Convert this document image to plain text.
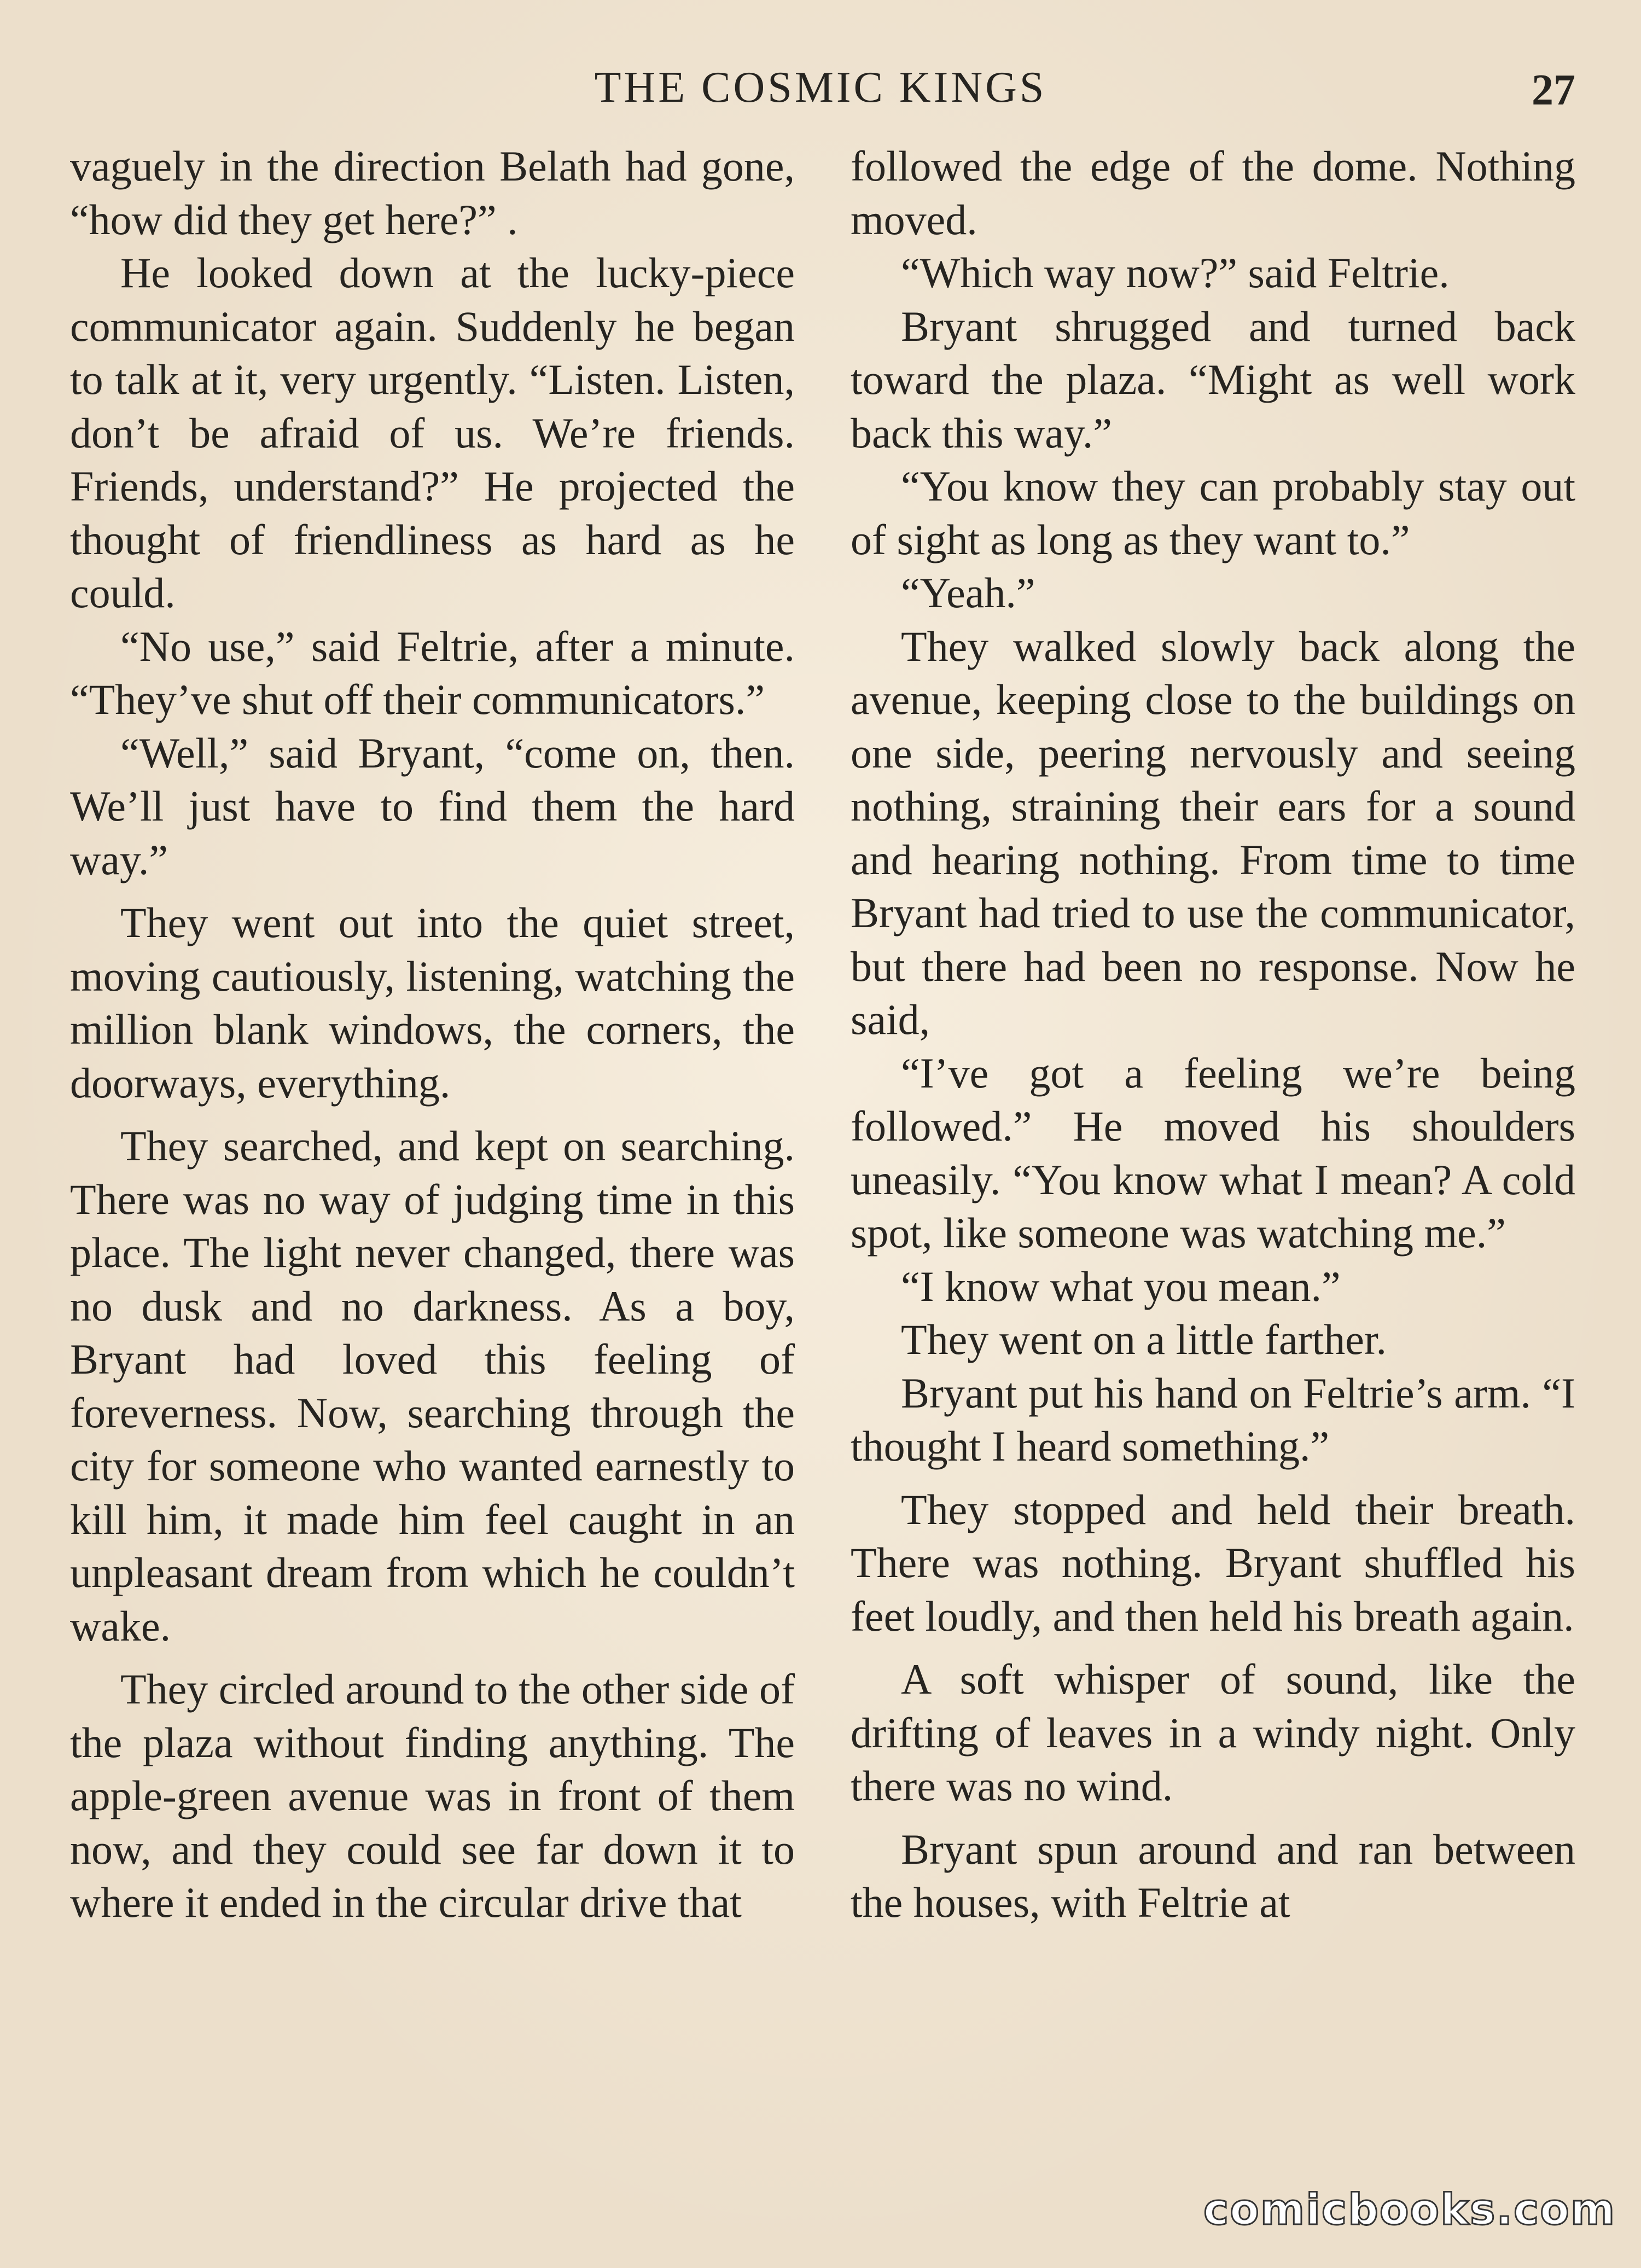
THE COSMIC KINGS	27

vaguely in the direction Belath had gone, “how did they get here?” .

He looked down at the lucky-piece communicator again. Suddenly he began to talk at it, very urgently. “Listen. Listen, don’t be afraid of us. We’re friends. Friends, understand?” He projected the thought of friendliness as hard as he could.

“No use,” said Feltrie, after a minute. “They’ve shut off their communicators.”

“Well,” said Bryant, “come on, then. We’ll just have to find them the hard way.”

They went out into the quiet street, moving cautiously, listening, watching the million blank windows, the corners, the doorways, everything.

They searched, and kept on searching. There was no way of judging time in this place. The light never changed, there was no dusk and no darkness. As a boy, Bryant had loved this feeling of foreverness. Now, searching through the city for someone who wanted earnestly to kill him, it made him feel caught in an unpleasant dream from which he couldn’t wake.

They circled around to the other side of the plaza without finding anything. The apple-green avenue was in front of them now, and they could see far down it to where it ended in the circular drive that

followed the edge of the dome. Nothing moved.

“Which way now?” said Feltrie.

Bryant shrugged and turned back toward the plaza. “Might as well work back this way.”

“You know they can probably stay out of sight as long as they want to.”

“Yeah.”

They walked slowly back along the avenue, keeping close to the buildings on one side, peering nervously and seeing nothing, straining their ears for a sound and hearing nothing. From time to time Bryant had tried to use the communicator, but there had been no response. Now he said,

“I’ve got a feeling we’re being followed.” He moved his shoulders uneasily. “You know what I mean? A cold spot, like someone was watching me.”

“I know what you mean.”

They went on a little farther.

Bryant put his hand on Feltrie’s arm. “I thought I heard something.”

They stopped and held their breath. There was nothing. Bryant shuffled his feet loudly, and then held his breath again.

A soft whisper of sound, like the drifting of leaves in a windy night. Only there was no wind.

Bryant spun around and ran between the houses, with Feltrie at

comicbooks.com
